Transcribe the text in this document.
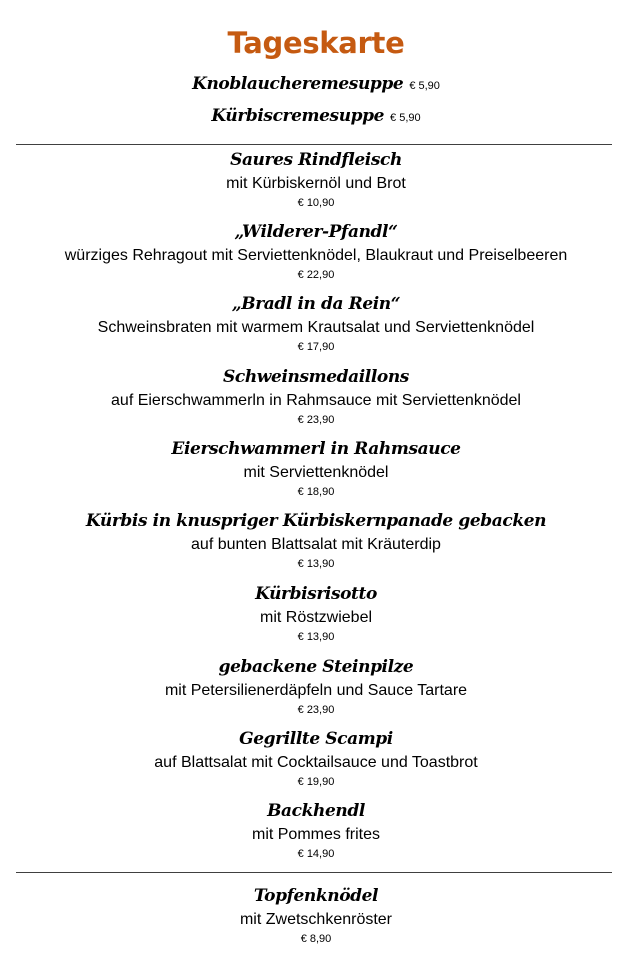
Tageskarte
Knoblaucheremesuppe € 5,90
Kürbiscremesuppe € 5,90
Saures Rindfleisch
mit Kürbiskernöl und Brot
€ 10,90
„Wilderer-Pfandl“
würziges Rehragout mit Serviettenknödel, Blaukraut und Preiselbeeren
€ 22,90
„Bradl in da Rein“
Schweinsbraten mit warmem Krautsalat und Serviettenknödel
€ 17,90
Schweinsmedaillons
auf Eierschwammerln in Rahmsauce mit Serviettenknödel
€ 23,90
Eierschwammerl in Rahmsauce
mit Serviettenknödel
€ 18,90
Kürbis in knuspriger Kürbiskernpanade gebacken
auf bunten Blattsalat mit Kräuterdip
€ 13,90
Kürbisrisotto
mit Röstzwiebel
€ 13,90
gebackene Steinpilze
mit Petersilienerdäpfeln und Sauce Tartare
€ 23,90
Gegrillte Scampi
auf Blattsalat mit Cocktailsauce und Toastbrot
€ 19,90
Backhendl
mit Pommes frites
€ 14,90
Topfenknödel
mit Zwetschkenröster
€ 8,90
